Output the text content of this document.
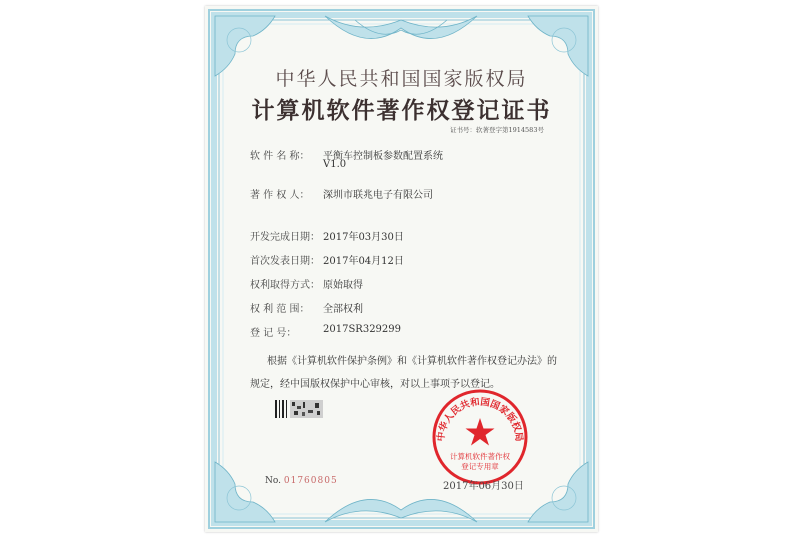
中华人民共和国国家版权局
计算机软件著作权登记证书
证书号：软著登字第1914583号
软 件 名 称： 平衡车控制板参数配置系统
V1.0
著 作 权 人： 深圳市联兆电子有限公司
开发完成日期： 2017年03月30日
首次发表日期： 2017年04月12日
权利取得方式： 原始取得
权 利 范 围： 全部权利
登 记 号：	2017SR329299
根据《计算机软件保护条例》和《计算机软件著作权登记办法》的
规定，经中国版权保护中心审核，对以上事项予以登记。
中华人民共和国国家版权局
计算机软件著作权
登记专用章
No. 01760805	2017年06月30日
